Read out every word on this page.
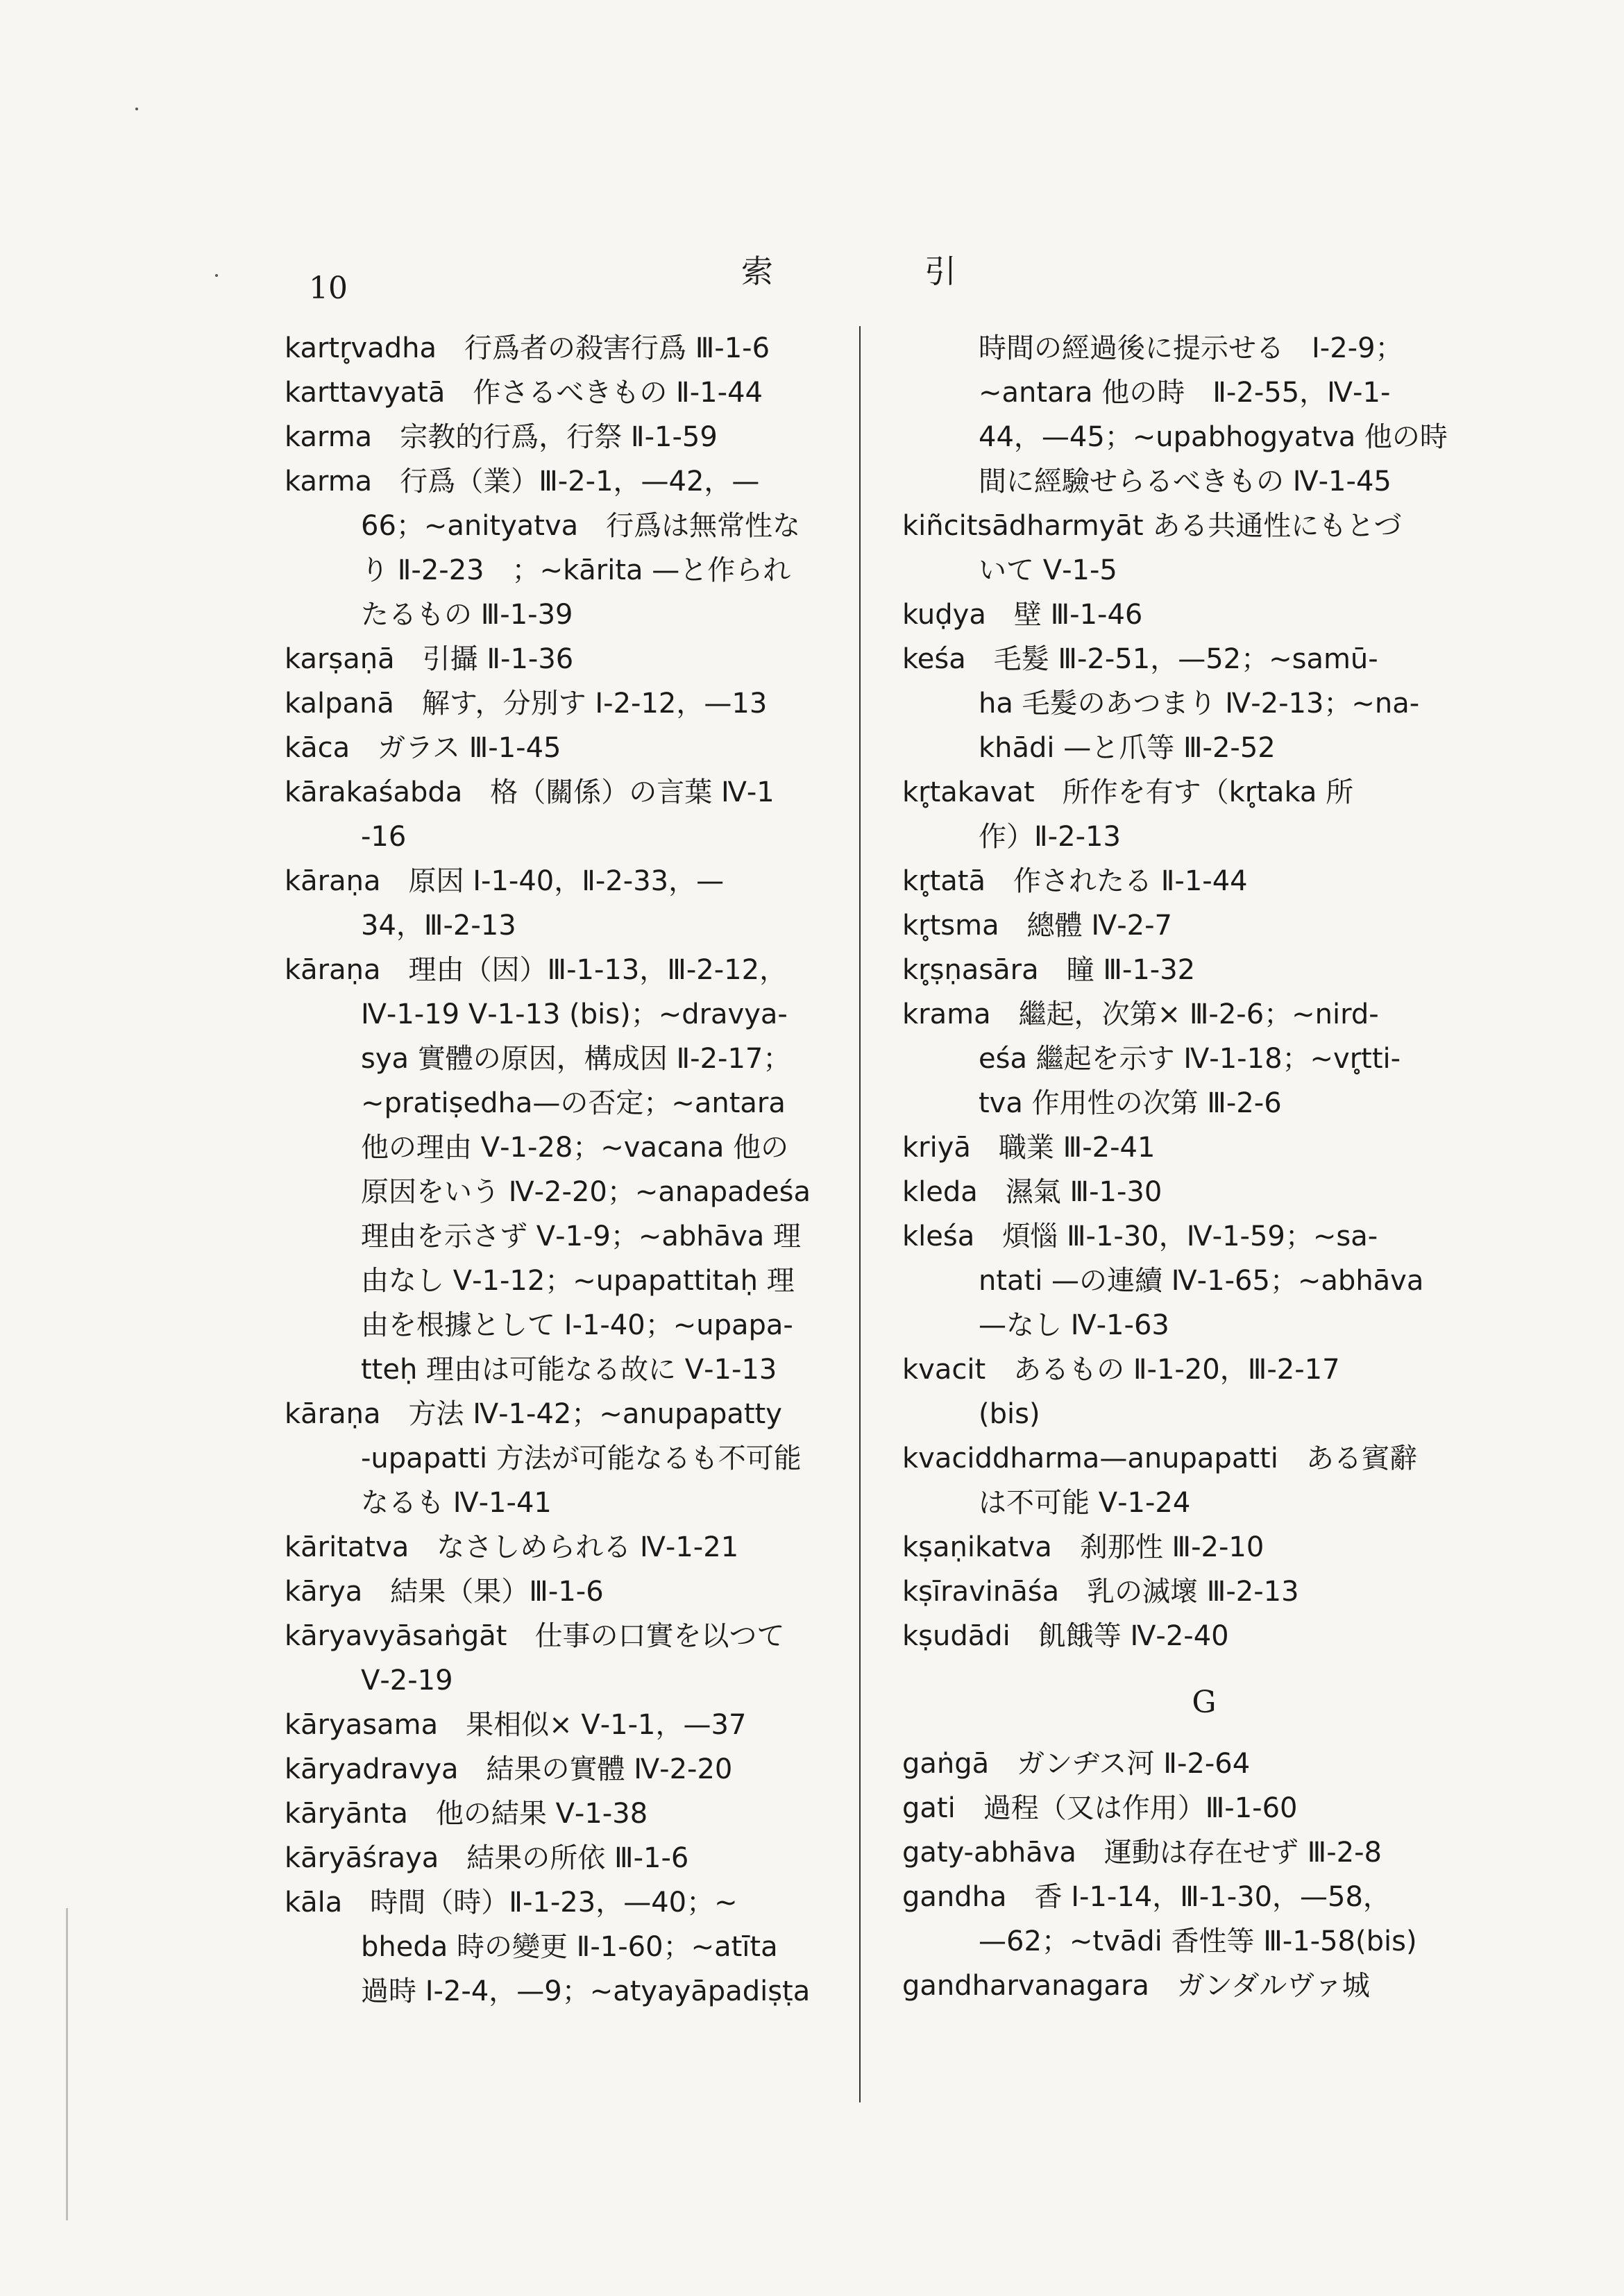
10	索	引
kartr̥vadha　行爲者の殺害行爲 Ⅲ-1-6
karttavyatā　作さるべきもの Ⅱ-1-44
karma　宗教的行爲，行祭 Ⅱ-1-59
karma　行爲（業）Ⅲ-2-1，—42，—
66；~anityatva　行爲は無常性な
り Ⅱ-2-23　；~kārita —と作られ
たるもの Ⅲ-1-39
karṣaṇā　引攝 Ⅱ-1-36
kalpanā　解す，分別す Ⅰ-2-12，—13
kāca　ガラス Ⅲ-1-45
kārakaśabda　格（關係）の言葉 Ⅳ-1
-16
kāraṇa　原因 Ⅰ-1-40，Ⅱ-2-33，—
34，Ⅲ-2-13
kāraṇa　理由（因）Ⅲ-1-13，Ⅲ-2-12，
Ⅳ-1-19 Ⅴ-1-13 (bis)；~dravya-
sya 實體の原因，構成因 Ⅱ-2-17；
~pratiṣedha—の否定；~antara
他の理由 Ⅴ-1-28；~vacana 他の
原因をいう Ⅳ-2-20；~anapadeśa
理由を示さず Ⅴ-1-9；~abhāva 理
由なし Ⅴ-1-12；~upapattitaḥ 理
由を根據として Ⅰ-1-40；~upapa-
tteḥ 理由は可能なる故に Ⅴ-1-13
kāraṇa　方法 Ⅳ-1-42；~anupapatty
-upapatti 方法が可能なるも不可能
なるも Ⅳ-1-41
kāritatva　なさしめられる Ⅳ-1-21
kārya　結果（果）Ⅲ-1-6
kāryavyāsaṅgāt　仕事の口實を以つて
Ⅴ-2-19
kāryasama　果相似× Ⅴ-1-1，—37
kāryadravya　結果の實體 Ⅳ-2-20
kāryānta　他の結果 Ⅴ-1-38
kāryāśraya　結果の所依 Ⅲ-1-6
kāla　時間（時）Ⅱ-1-23，—40；~
bheda 時の變更 Ⅱ-1-60；~atīta
過時 Ⅰ-2-4，—9；~atyayāpadiṣṭa
時間の經過後に提示せる　Ⅰ-2-9；
~antara 他の時　Ⅱ-2-55，Ⅳ-1-
44，—45；~upabhogyatva 他の時
間に經驗せらるべきもの Ⅳ-1-45
kiñcitsādharmyāt ある共通性にもとづ
いて Ⅴ-1-5
kuḍya　壁 Ⅲ-1-46
keśa　毛髮 Ⅲ-2-51，—52；~samū-
ha 毛髮のあつまり Ⅳ-2-13；~na-
khādi —と爪等 Ⅲ-2-52
kr̥takavat　所作を有す（kr̥taka 所
作）Ⅱ-2-13
kr̥tatā　作されたる Ⅱ-1-44
kr̥tsma　總體 Ⅳ-2-7
kr̥ṣṇasāra　瞳 Ⅲ-1-32
krama　繼起，次第× Ⅲ-2-6；~nird-
eśa 繼起を示す Ⅳ-1-18；~vr̥tti-
tva 作用性の次第 Ⅲ-2-6
kriyā　職業 Ⅲ-2-41
kleda　濕氣 Ⅲ-1-30
kleśa　煩惱 Ⅲ-1-30，Ⅳ-1-59；~sa-
ntati —の連續 Ⅳ-1-65；~abhāva
—なし Ⅳ-1-63
kvacit　あるもの Ⅱ-1-20，Ⅲ-2-17
(bis)
kvaciddharma—anupapatti　ある賓辭
は不可能 Ⅴ-1-24
kṣaṇikatva　刹那性 Ⅲ-2-10
kṣīravināśa　乳の滅壞 Ⅲ-2-13
kṣudādi　飢餓等 Ⅳ-2-40
G
gaṅgā　ガンヂス河 Ⅱ-2-64
gati　過程（又は作用）Ⅲ-1-60
gaty-abhāva　運動は存在せず Ⅲ-2-8
gandha　香 Ⅰ-1-14，Ⅲ-1-30，—58，
—62；~tvādi 香性等 Ⅲ-1-58(bis)
gandharvanagara　ガンダルヴァ城
